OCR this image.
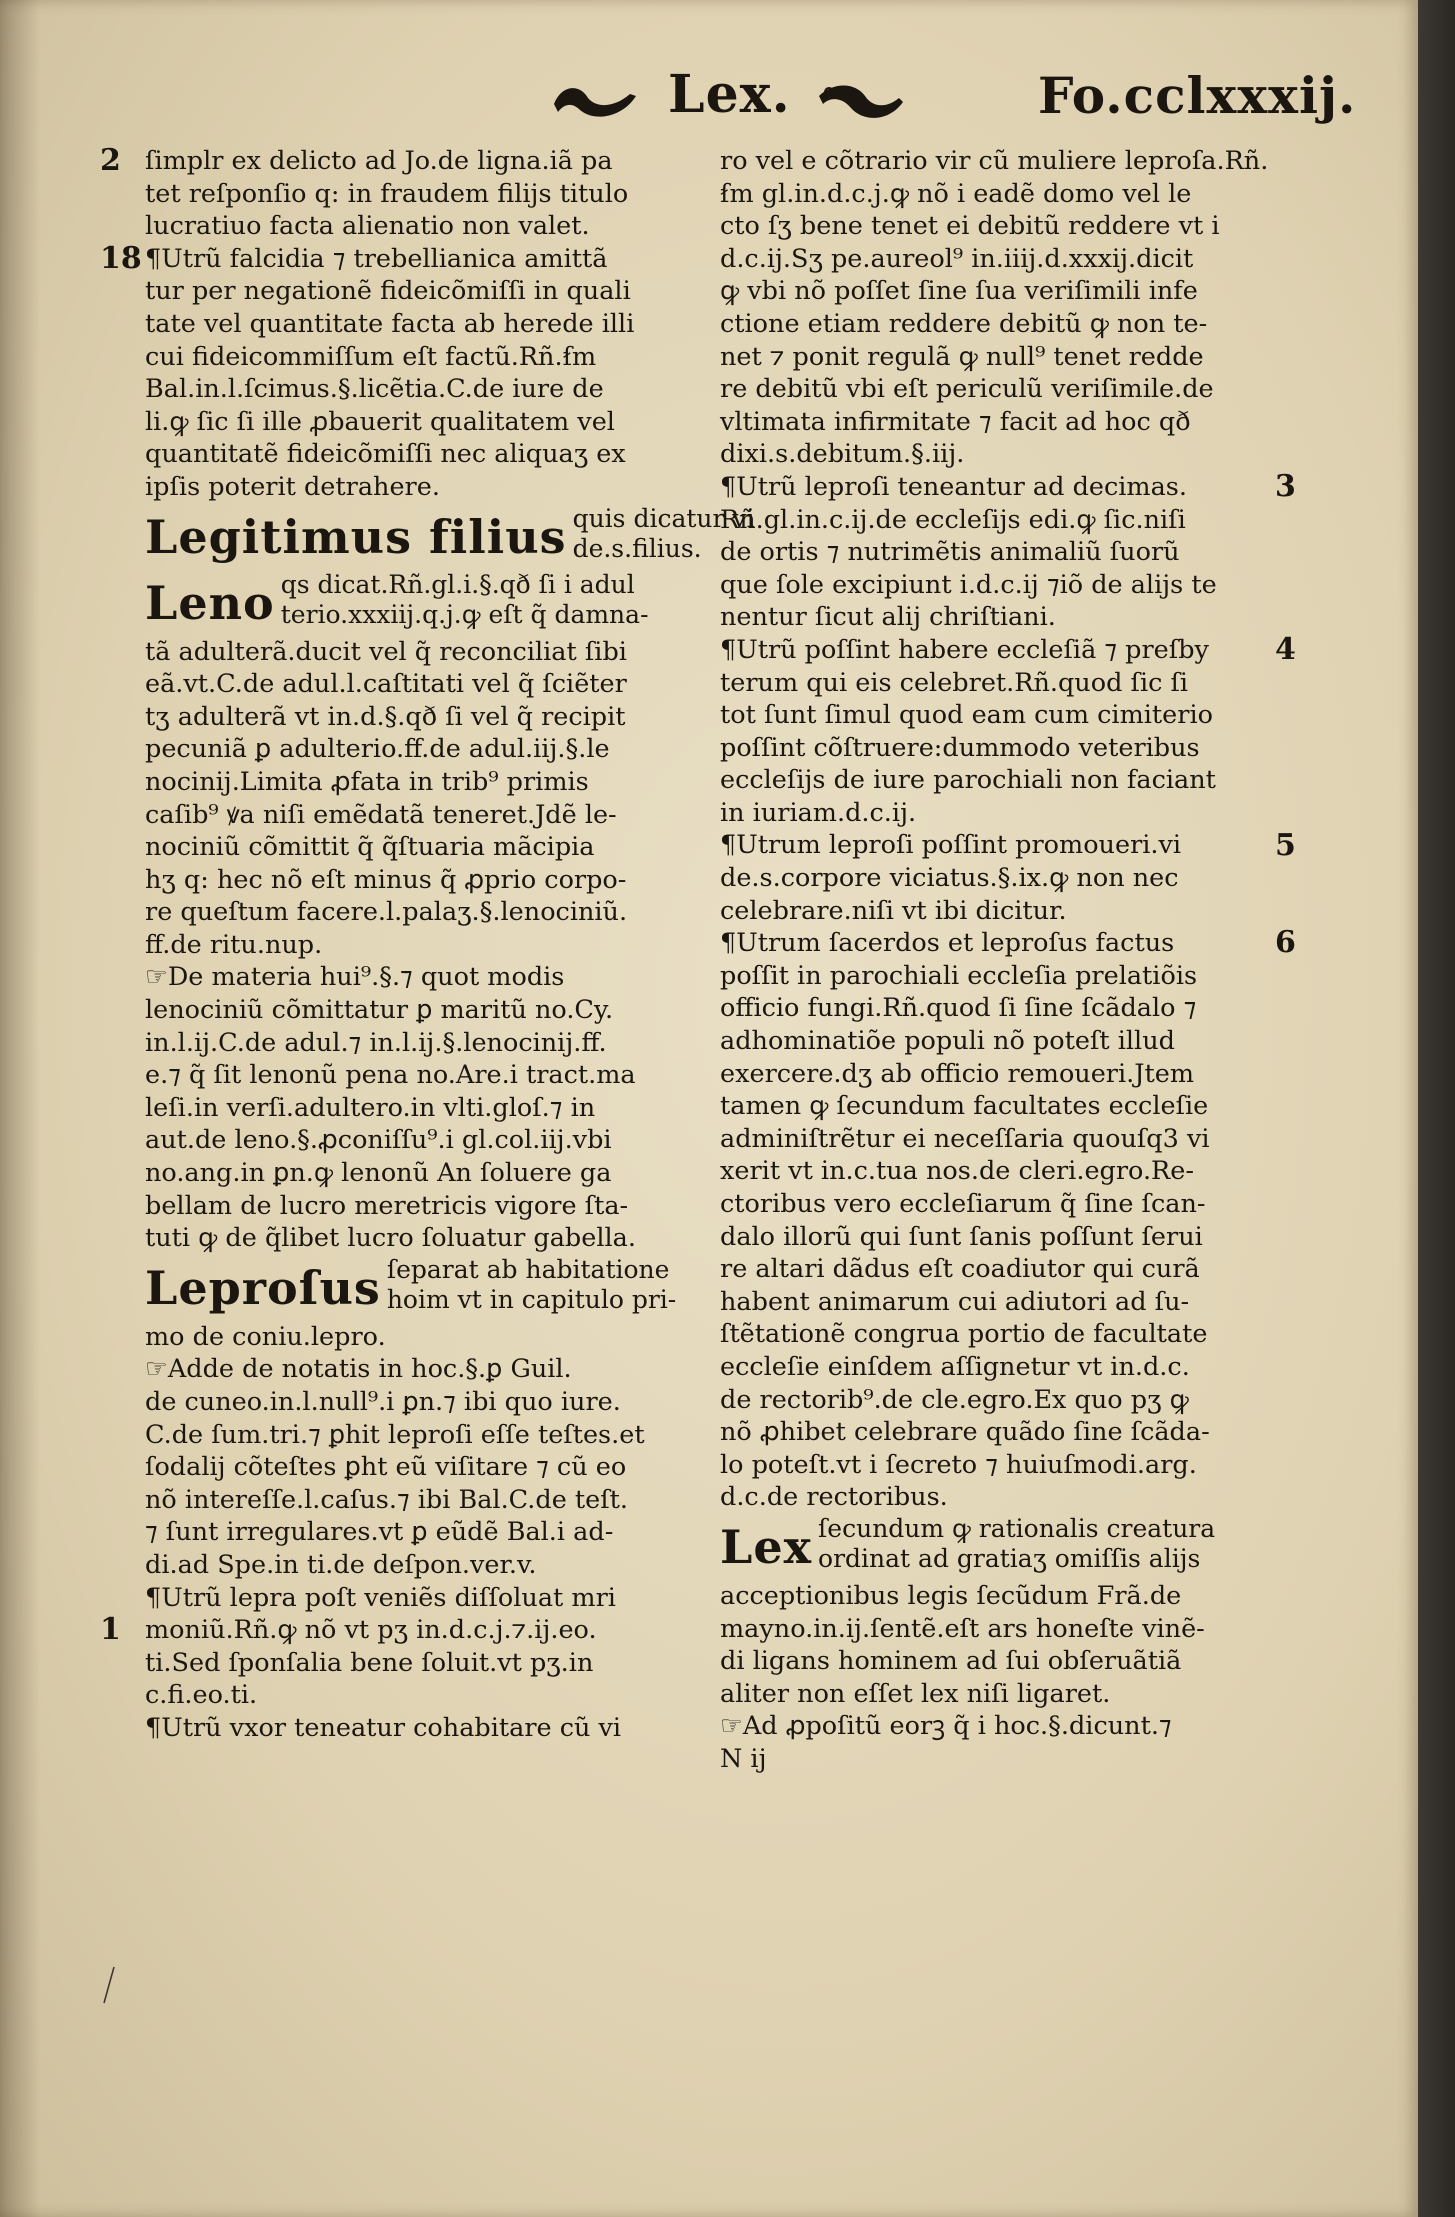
Lex.	Fo.cclxxxij.
ſimplr ex delicto ad Jo.de ligna.iã pa
tet reſponſio q: in fraudem filijs titulo
lucratiuo facta alienatio non valet.
¶Utrũ falcidia ⁊ trebellianica amittã
tur per negationẽ fideicõmiſſi in quali
tate vel quantitate facta ab herede illi
cui fideicommiſſum eſt factũ.Rñ.ẜm
Bal.in.l.ſcimus.§.licẽtia.C.de iure de
li.ꝙ ſic ſi ille ꝓbauerit qualitatem vel
quantitatẽ fideicõmiſſi nec aliquaʒ ex
ipſis poterit detrahere.
Legitimus filius quis dicatur vi
de.s.filius.
Leno qs dicat.Rñ.gl.i.§.qð ſi i adul
terio.xxxiij.q.j.ꝙ eſt q̃ damna-
tã adulterã.ducit vel q̃ reconciliat ſibi
eã.vt.C.de adul.l.caſtitati vel q̃ ſciẽter
tʒ adulterã vt in.d.§.qð ſi vel q̃ recipit
pecuniã ꝑ adulterio.ff.de adul.iij.§.le
nocinij.Limita ꝓfata in trib⁹ primis
caſib⁹ ꝟa niſi emẽdatã teneret.Jdẽ le-
nociniũ cõmittit q̃ q̃ſtuaria mãcipia
hʒ q: hec nõ eſt minus q̃ ꝓprio corpo-
re queſtum facere.l.palaʒ.§.lenociniũ.
ff.de ritu.nup.
☞De materia hui⁹.§.⁊ quot modis
lenociniũ cõmittatur ꝑ maritũ no.Cy.
in.l.ij.C.de adul.⁊ in.l.ij.§.lenocinij.ff.
e.⁊ q̃ ſit lenonũ pena no.Are.i tract.ma
leſi.in verſi.adultero.in vlti.gloſ.⁊ in
aut.de leno.§.ꝓconiſſu⁹.i gl.col.iij.vbi
no.ang.in ꝑn.ꝙ lenonũ An ſoluere ga
bellam de lucro meretricis vigore ſta-
tuti ꝙ de q̃libet lucro ſoluatur gabella.
Leproſus ſeparat ab habitatione
hoim vt in capitulo pri-
mo de coniu.lepro.
☞Adde de notatis in hoc.§.ꝑ Guil.
de cuneo.in.l.null⁹.i ꝑn.⁊ ibi quo iure.
C.de ſum.tri.⁊ ꝑhit leproſi eſſe teſtes.et
ſodalij cõteſtes ꝑht eũ viſitare ⁊ cũ eo
nõ intereſſe.l.caſus.⁊ ibi Bal.C.de teſt.
⁊ ſunt irregulares.vt ꝑ eũdẽ Bal.i ad-
di.ad Spe.in ti.de deſpon.ver.v.
¶Utrũ lepra poſt veniẽs diſſoluat mri
moniũ.Rñ.ꝙ nõ vt pʒ in.d.c.j.⁊.ij.eo.
ti.Sed ſponſalia bene ſoluit.vt pʒ.in
c.fi.eo.ti.
¶Utrũ vxor teneatur cohabitare cũ vi
ro vel e cõtrario vir cũ muliere leproſa.Rñ.
ẜm gl.in.d.c.j.ꝙ nõ i eadẽ domo vel le
cto ſʒ bene tenet ei debitũ reddere vt i
d.c.ij.Sʒ pe.aureol⁹ in.iiij.d.xxxij.dicit
ꝙ vbi nõ poſſet ſine ſua veriſimili infe
ctione etiam reddere debitũ ꝙ non te-
net ⁊ ponit regulã ꝙ null⁹ tenet redde
re debitũ vbi eſt periculũ veriſimile.de
vltimata infirmitate ⁊ facit ad hoc qð
dixi.s.debitum.§.iij.
¶Utrũ leproſi teneantur ad decimas.
Rñ.gl.in.c.ij.de eccleſijs edi.ꝙ ſic.niſi
de ortis ⁊ nutrimẽtis animaliũ ſuorũ
que ſole excipiunt i.d.c.ij ⁊iõ de alijs te
nentur ſicut alij chriſtiani.
¶Utrũ poſſint habere eccleſiã ⁊ preſby
terum qui eis celebret.Rñ.quod ſic ſi
tot ſunt ſimul quod eam cum cimiterio
poſſint cõſtruere:dummodo veteribus
eccleſijs de iure parochiali non faciant
in iuriam.d.c.ij.
¶Utrum leproſi poſſint promoueri.vi
de.s.corpore viciatus.§.ix.ꝙ non nec
celebrare.niſi vt ibi dicitur.
¶Utrum ſacerdos et leproſus factus
poſſit in parochiali eccleſia prelatiõis
officio fungi.Rñ.quod ſi ſine ſcãdalo ⁊
adhominatiõe populi nõ poteſt illud
exercere.dʒ ab officio remoueri.Jtem
tamen ꝙ ſecundum facultates eccleſie
adminiſtrẽtur ei neceſſaria quouſq3 vi
xerit vt in.c.tua nos.de cleri.egro.Re-
ctoribus vero eccleſiarum q̃ ſine ſcan-
dalo illorũ qui ſunt ſanis poſſunt ſerui
re altari dãdus eſt coadiutor qui curã
habent animarum cui adiutori ad ſu-
ſtẽtationẽ congrua portio de facultate
eccleſie einſdem aſſignetur vt in.d.c.
de rectorib⁹.de cle.egro.Ex quo pʒ ꝙ
nõ ꝓhibet celebrare quãdo ſine ſcãda-
lo poteſt.vt i ſecreto ⁊ huiuſmodi.arg.
d.c.de rectoribus.
Lex ſecundum ꝙ rationalis creatura
ordinat ad gratiaʒ omiſſis alijs
acceptionibus legis ſecũdum Frã.de
mayno.in.ij.ſentẽ.eſt ars honeſte vinẽ-
di ligans hominem ad ſui obſeruãtiã
aliter non eſſet lex niſi ligaret.
☞Ad ꝓpoſitũ eorꝫ q̃ i hoc.§.dicunt.⁊
N ij
18
3
4
5
6
1
2
